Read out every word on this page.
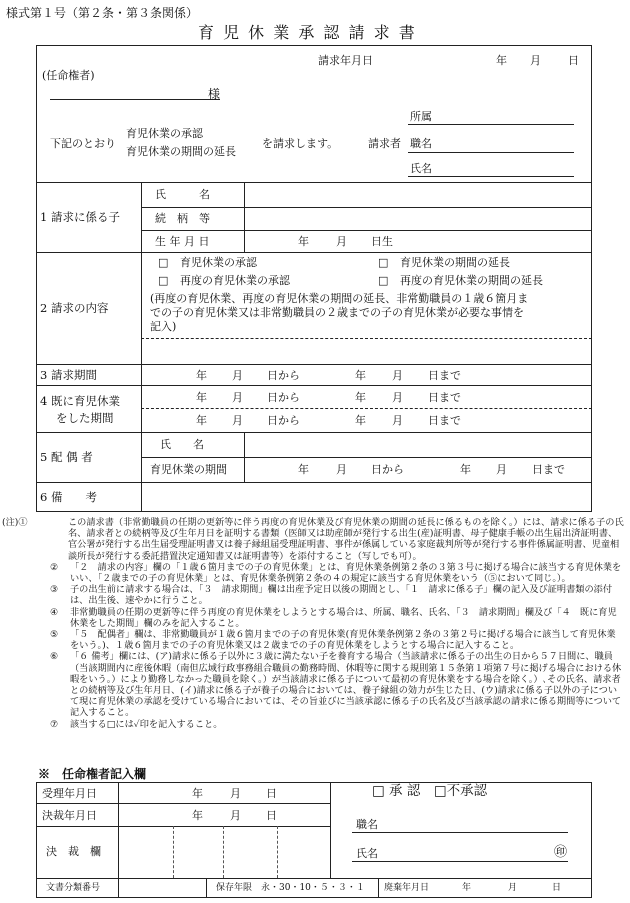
様式第１号（第２条・第３条関係）
育 児 休 業 承 認 請 求 書
請求年月日	年 月 日
(任命権者)
様
所属
下記のとおり
育児休業の承認
育児休業の期間の延長
を請求します。	請求者 職名
氏名
1 請求に係る子
氏　　　名
続　柄　等
生 年 月 日	年 月 日生
2 請求の内容
□ 育児休業の承認	□ 育児休業の期間の延長
□ 再度の育児休業の承認	□ 再度の育児休業の期間の延長
(再度の育児休業、再度の育児休業の期間の延長、非常勤職員の１歳６箇月ま
での子の育児休業又は非常勤職員の２歳までの子の育児休業が必要な事情を
記入)
3 請求期間	年 月 日から	年 月 日まで
4 既に育児休業
をした期間
年 月 日から	年 月 日まで
年 月 日から	年 月 日まで
5 配 偶 者
氏　　名
育児休業の期間	年 月 日から	年 月 日まで
6 備　　考

(注)①	この請求書（非常勤職員の任期の更新等に伴う再度の育児休業及び育児休業の期間の延長に係るものを除く。）には、請求に係る子の氏名、請求者との続柄等及び生年月日を証明する書類（医師又は助産師が発行する出生(産)証明書、母子健康手帳の出生届出済証明書、官公署が発行する出生届受理証明書又は養子縁組届受理証明書、事件が係属している家庭裁判所等が発行する事件係属証明書、児童相談所長が発行する委託措置決定通知書又は証明書等）を添付すること（写しでも可）。

② 「２　請求の内容」欄の「１歳６箇月までの子の育児休業」とは、育児休業条例第２条の３第３号に掲げる場合に該当する育児休業をいい、「２歳までの子の育児休業」とは、育児休業条例第２条の４の規定に該当する育児休業をいう（⑤において同じ。）。

③ 子の出生前に請求する場合は、「３　請求期間」欄は出産予定日以後の期間とし、「１　請求に係る子」欄の記入及び証明書類の添付は、出生後、速やかに行うこと。

④ 非常勤職員の任期の更新等に伴う再度の育児休業をしようとする場合は、所属、職名、氏名、「３　請求期間」欄及び「４　既に育児休業をした期間」欄のみを記入すること。

⑤ 「５　配偶者」欄は、非常勤職員が１歳６箇月までの子の育児休業(育児休業条例第２条の３第２号に掲げる場合に該当して育児休業をいう。)、１歳６箇月までの子の育児休業又は２歳までの子の育児休業をしようとする場合に記入すること。

⑥ 「６ 備考」欄には、(ア)請求に係る子以外に３歳に満たない子を養育する場合（当該請求に係る子の出生の日から５７日間に、職員（当該期間内に産後休暇（南但広域行政事務組合職員の勤務時間、休暇等に関する規則第１５条第１項第７号に掲げる場合における休暇をいう。）により勤務しなかった職員を除く。）が当該請求に係る子について最初の育児休業をする場合を除く。）､その氏名、請求者との続柄等及び生年月日、(イ)請求に係る子が養子の場合においては、養子縁組の効力が生じた日、(ウ)請求に係る子以外の子について現に育児休業の承認を受けている場合においては、その旨並びに当該承認に係る子の氏名及び当該承認の請求に係る期間等について記入すること。

⑦ 該当する□には✓印を記入すること。

※　任命権者記入欄
受理年月日	年 月 日
決裁年月日	年 月 日
決　裁　欄
□ 承 認　□不承認
職名
氏名	㊞
文書分類番号	保存年限　永・30・10・５・３・１ 廃棄年月日	年	月	日
